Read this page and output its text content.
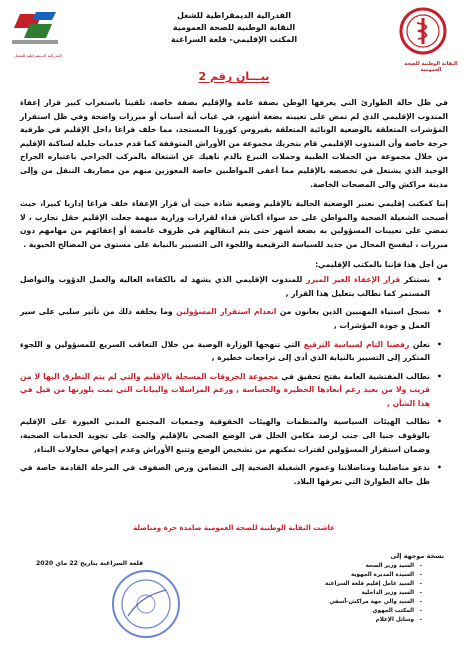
الفدرالية الديمقراطية للشغل
الفدرالية الديمقراطية للشغل
النقابة الوطنية للصحة العمومية
المكتب الإقليمي- قلعة السراغنة
النقابة الوطنية للصحة العمومية
بيـــان رقم 2

في ظل حالة الطوارئ التي يعرفها الوطن بصفة عامة والإقليم بصفة خاصة، تلقينا باستغراب كبير قرار إعفاء المندوب الإقليمي الذي لم تمض على تعيينه بضعة أشهر، في غياب أية أسباب أو مبررات واضحة وفي ظل استقرار المؤشرات المتعلقة بالوضعية الوبائية المتعلقة بفيروس كورونا المستجد، مما خلف فراغا داخل الإقليم في ظرفية حرجة خاصة وأن المندوب الإقليمي قام بتحريك مجموعة من الأوراش المتوقفة كما قدم خدمات جليلة لساكنة الإقليم من خلال مجموعة من الحملات الطبية وحملات التبرع بالدم ناهيك عن اشتغاله بالمركب الجراحي باعتباره الجراح الوحيد الذي يشتغل في تخصصه بالإقليم مما أعفى المواطنين خاصة المعوزين منهم من مصاريف التنقل من وإلى مدينة مراكش والى المصحات الخاصة.

إننا كمكتب إقليمي نعتبر الوضعية الحالية بالإقليم وضعية شاذة حيث أن قرار الإعفاء خلف فراغا إداريا كبيرا، حيث أصبحت الشغيلة الصحية والمواطن على حد سواء أكباش فداء لقرارات وزارية مبهمة جعلت الإقليم حقل تجارب ، لا تمضي على تعيينات المسؤولين به بضعة أشهر حتى يتم انتقالهم في ظروف غامضة أو إعفائهم من مهامهم دون مبررات ، ليفسح المجال من جديد للسياسة الترقيعية واللجوء الى التسيير بالنيابة على مستوى من المصالح الحيوية .

من أجل هذا فإننا بالمكتب الإقليمي:

•
نستنكر قرار الإعفاء الغير المبرر للمندوب الإقليمي الذي يشهد له بالكفاءة العالية والعمل الدؤوب والتواصل المستمر كما نطالب بتعليل هذا القرار ,
•
نسجل استياء المهنيين الذين يعانون من انعدام استقرار المسؤولين وما يخلفه ذلك من تأثير سلبي على سير العمل و جودة المؤشرات ,
•
نعلن رفضنا التام لسياسة الترقيع التي تنهجها الوزارة الوصية من خلال التعاقب السريع للمسؤولين و اللجوء المتكرر إلى التسيير بالنيابة الذي أدى إلى تراجعات خطيرة ,
•
نطالب المفتشية العامة بفتح تحقيق في مجموعة الخروقات المسجلة بالإقليم والتي لم يتم التطرق اليها لا من قريب ولا من بعيد رغم أبعادها الخطيرة والحساسة , ورغم المراسلات والبيانات التي تمت بلورتها من قبل في هذا الشأن ,
•
نطالب الهيئات السياسية والمنظمات والهيئات الحقوقية وجمعيات المجتمع المدني الغيورة على الإقليم بالوقوف جنبا الى جنب لرصد مكامن الخلل في الوضع الصحي بالإقليم والحث على تجويد الخدمات الصحية، وضمان استقرار المسؤولين لفترات تمكنهم من تشخيص الوضع وتتبع الأوراش وعدم إجهاض محاولات البناء,
•
ندعو مناضلينا ومناضلاتنا وعموم الشغيلة الصحية إلى التضامن ورص الصفوف في المرحلة القادمة خاصة في ظل حالة الطوارئ التي تعرفها البلاد.
عاشت النقابة الوطنية للصحة العمومية صامدة حرة ومناضلة
قلعة السراغنة بتاريخ 22 ماي 2020
نسخة موجهة إلى
-
السيد وزير الصحة
-
السيدة المديرة الجهوية
-
السيد عامل إقليم قلعة السراغنة
-
السيد وزير الداخلية
-
السيد والي جهة مراكش-آسفي
-
المكتب الجهوي
-
وسائل الإعلام
